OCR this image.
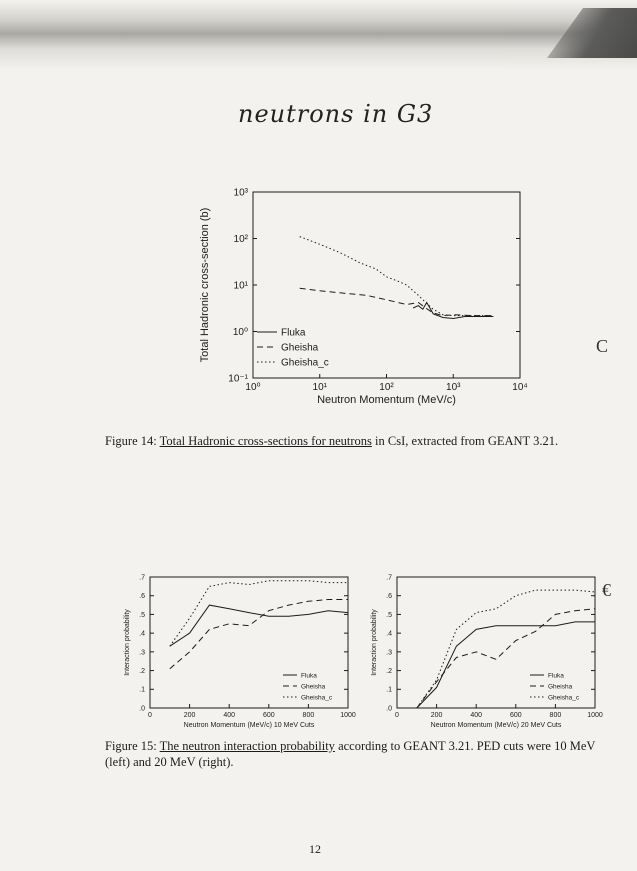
neutrons in G3
10⁰	10¹	10²	10³	10⁴
10⁻¹
10⁰
10¹
10²
10³
Neutron Momentum (MeV/c)
Total Hadronic cross-section (b)	Fluka
Gheisha
Gheisha_c
Figure 14: Total Hadronic cross-sections for neutrons in CsI, extracted from GEANT 3.21.
0	200	400	600	800	1000
.0
.1
.2
.3
.4
.5
.6
.7
Neutron Momentum (MeV/c) 10 MeV Cuts
Interaction probability
Fluka
Gheisha
Gheisha_c
0	200	400	600	800	1000
.0
.1
.2
.3
.4
.5
.6
.7
Neutron Momentum (MeV/c) 20 MeV Cuts
Interaction probability
Fluka
Gheisha
Gheisha_c
Figure 15: The neutron interaction probability according to GEANT 3.21. PED cuts were 10 MeV (left) and 20 MeV (right).
C
€
12
